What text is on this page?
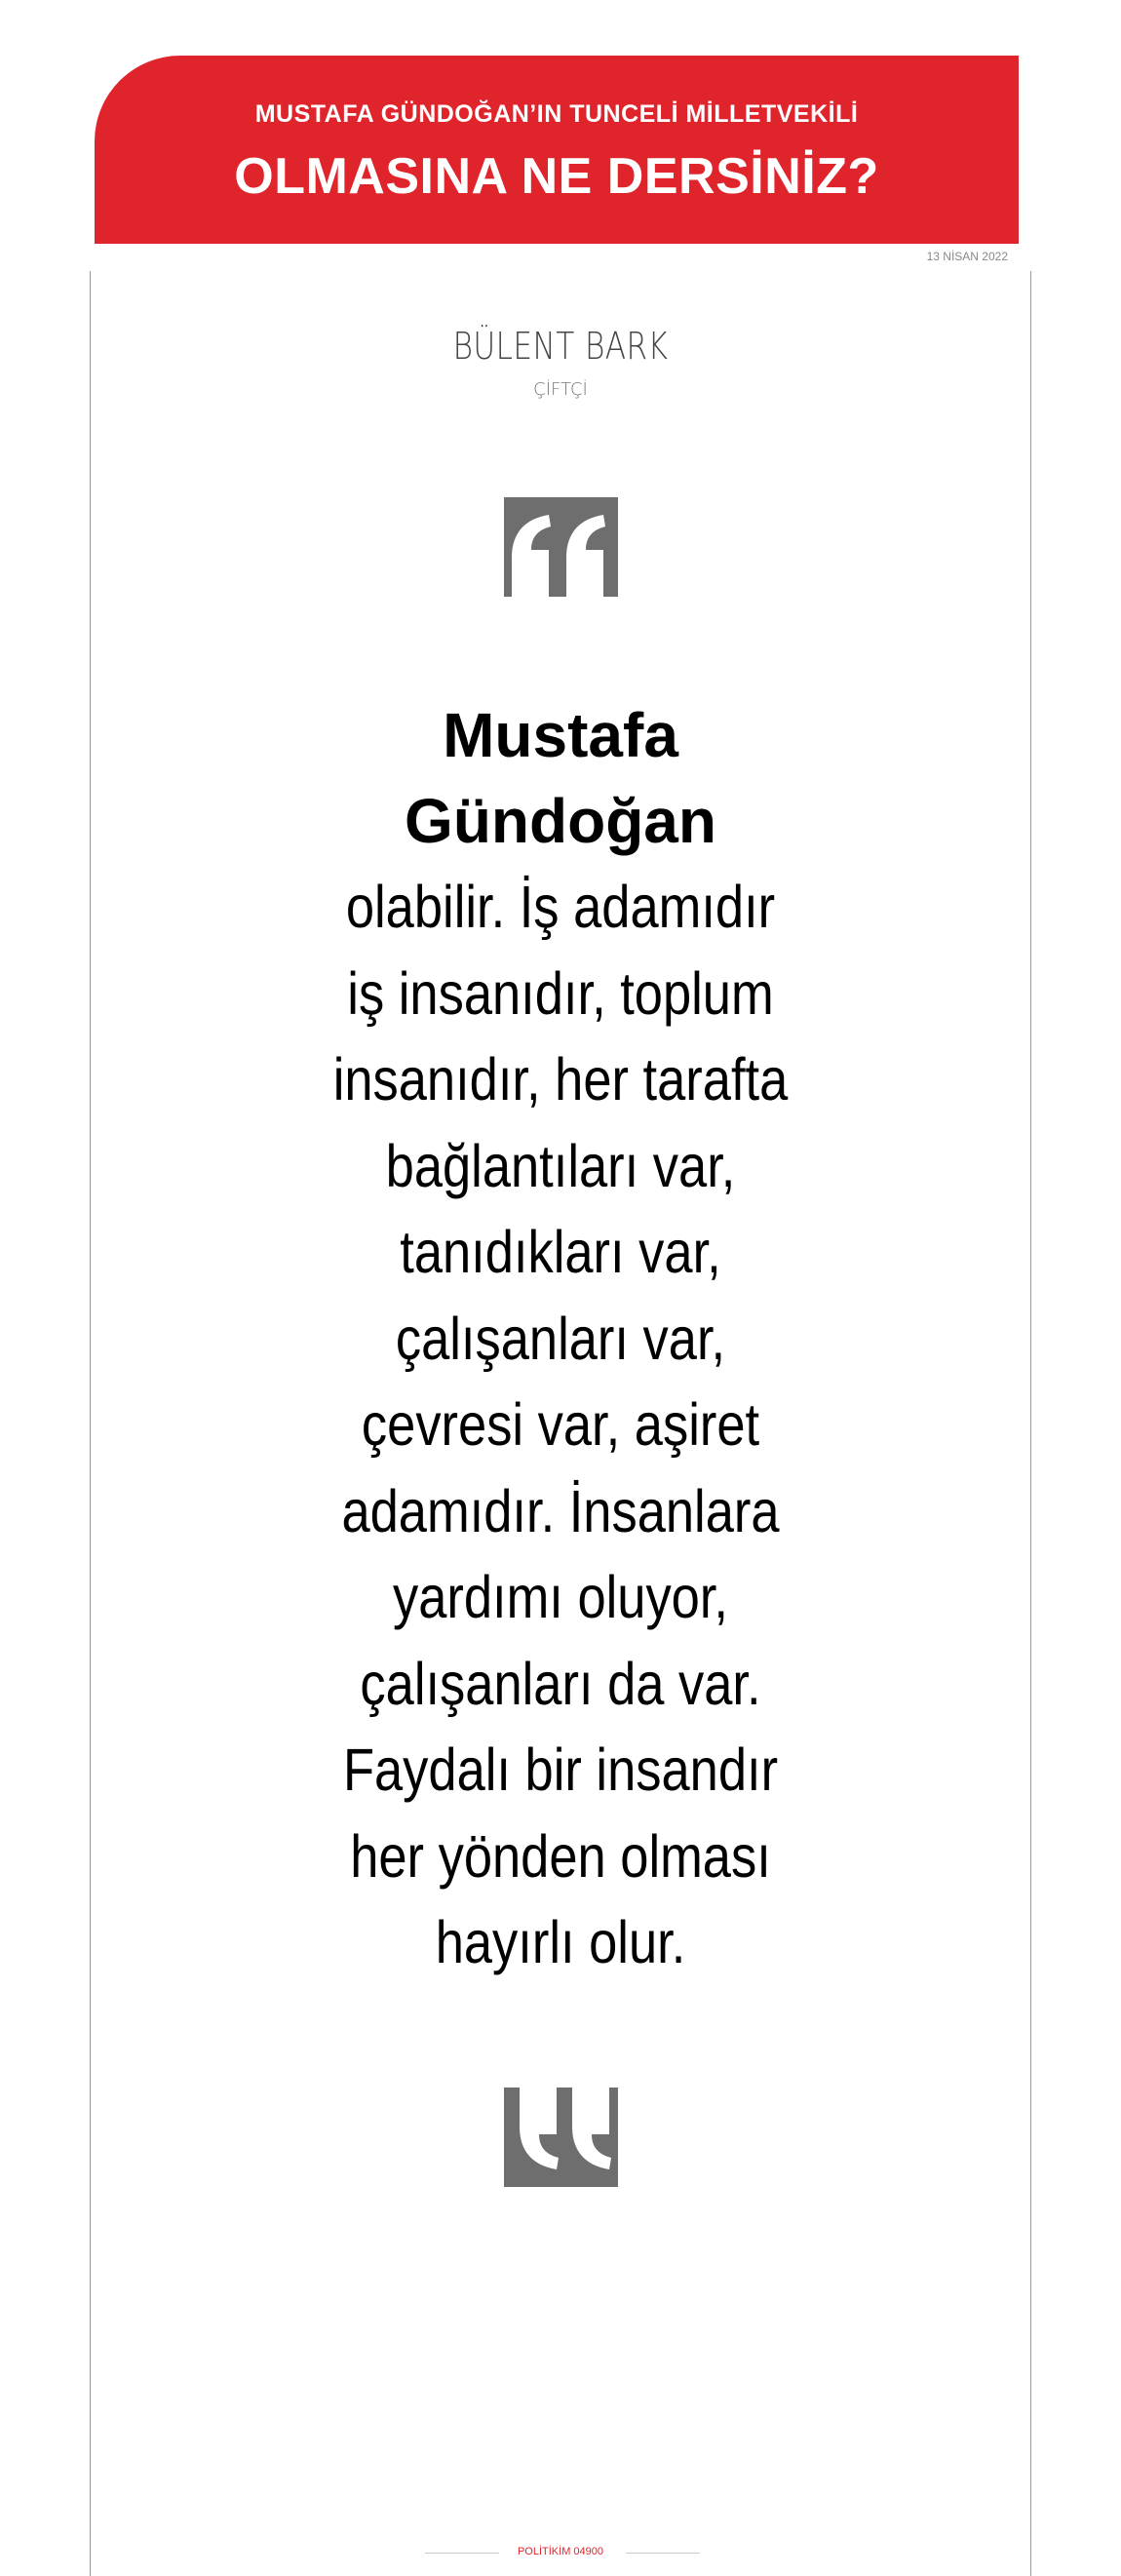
MUSTAFA GÜNDOĞAN’IN TUNCELİ MİLLETVEKİLİ
OLMASINA NE DERSİNİZ?
13 NİSAN 2022
BÜLENT BARK
ÇİFTÇİ
Mustafa
Gündoğan
olabilir. İş adamıdır
iş insanıdır, toplum
insanıdır, her tarafta
bağlantıları var,
tanıdıkları var,
çalışanları var,
çevresi var, aşiret
adamıdır. İnsanlara
yardımı oluyor,
çalışanları da var.
Faydalı bir insandır
her yönden olması
hayırlı olur.
POLİTİKİM 04900
